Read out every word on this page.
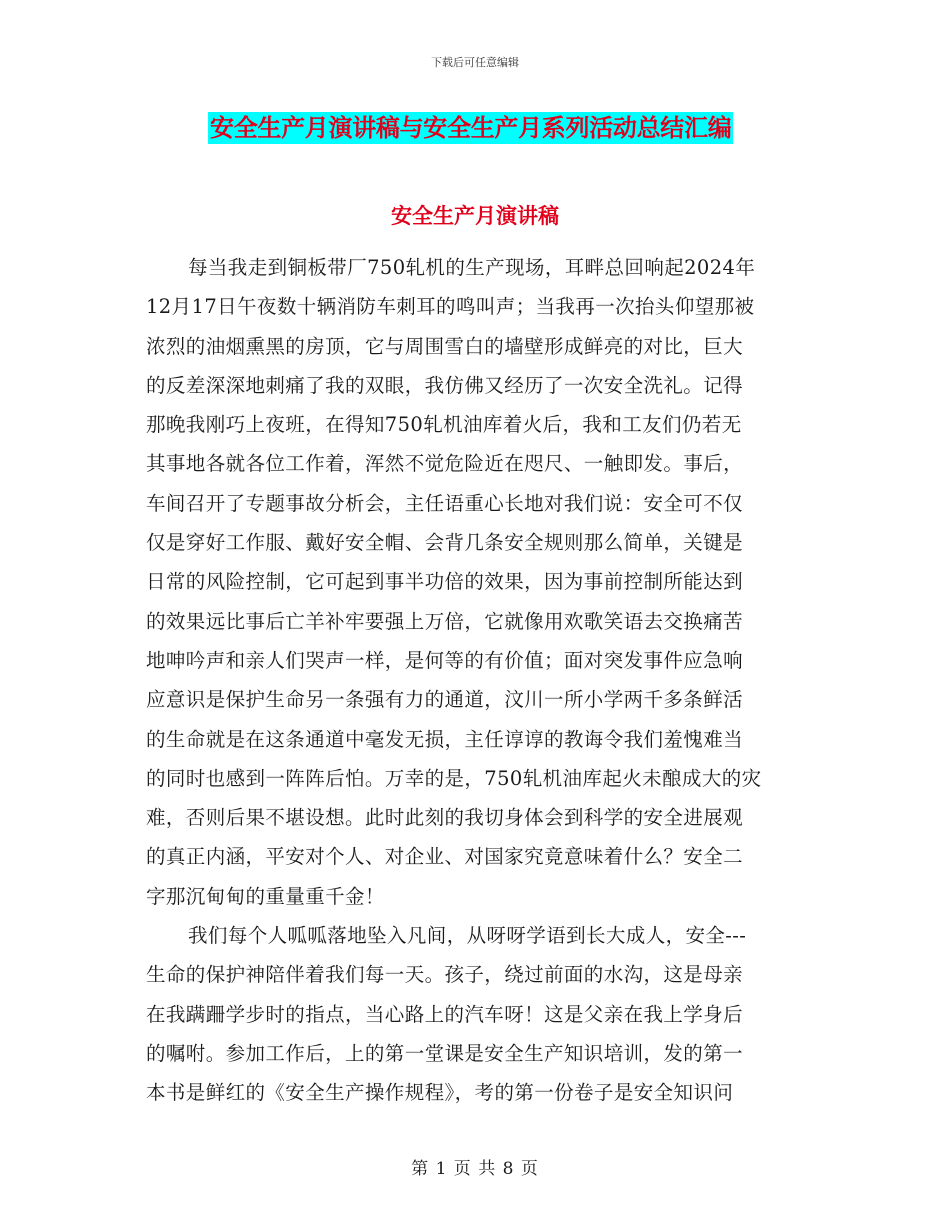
下载后可任意编辑
安全生产月演讲稿与安全生产月系列活动总结汇编
安全生产月演讲稿
每当我走到铜板带厂750轧机的生产现场，耳畔总回响起2024年
12月17日午夜数十辆消防车刺耳的鸣叫声；当我再一次抬头仰望那被
浓烈的油烟熏黑的房顶，它与周围雪白的墙壁形成鲜亮的对比，巨大
的反差深深地刺痛了我的双眼，我仿佛又经历了一次安全洗礼。记得
那晚我刚巧上夜班，在得知750轧机油库着火后，我和工友们仍若无
其事地各就各位工作着，浑然不觉危险近在咫尺、一触即发。事后，
车间召开了专题事故分析会，主任语重心长地对我们说：安全可不仅
仅是穿好工作服、戴好安全帽、会背几条安全规则那么简单，关键是
日常的风险控制，它可起到事半功倍的效果，因为事前控制所能达到
的效果远比事后亡羊补牢要强上万倍，它就像用欢歌笑语去交换痛苦
地呻吟声和亲人们哭声一样，是何等的有价值；面对突发事件应急响
应意识是保护生命另一条强有力的通道，汶川一所小学两千多条鲜活
的生命就是在这条通道中毫发无损，主任谆谆的教诲令我们羞愧难当
的同时也感到一阵阵后怕。万幸的是，750轧机油库起火未酿成大的灾
难，否则后果不堪设想。此时此刻的我切身体会到科学的安全进展观
的真正内涵，平安对个人、对企业、对国家究竟意味着什么？安全二
字那沉甸甸的重量重千金！
我们每个人呱呱落地坠入凡间，从呀呀学语到长大成人，安全---
生命的保护神陪伴着我们每一天。孩子，绕过前面的水沟，这是母亲
在我蹒跚学步时的指点，当心路上的汽车呀！这是父亲在我上学身后
的嘱咐。参加工作后，上的第一堂课是安全生产知识培训，发的第一
本书是鲜红的《安全生产操作规程》，考的第一份卷子是安全知识问
第 1 页 共 8 页
